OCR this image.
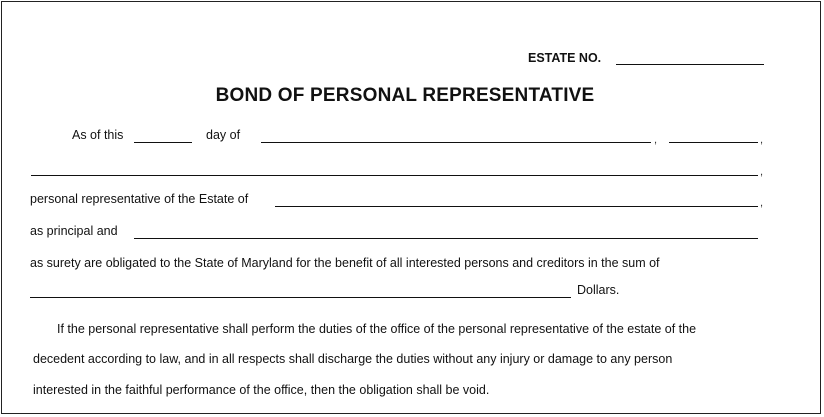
ESTATE NO.
BOND OF PERSONAL REPRESENTATIVE
As of this	day of	,	,
,
personal representative of the Estate of	,
as principal and
as surety are obligated to the State of Maryland for the benefit of all interested persons and creditors in the sum of
Dollars.
If the personal representative shall perform the duties of the office of the personal representative of the estate of the
decedent according to law, and in all respects shall discharge the duties without any injury or damage to any person
interested in the faithful performance of the office, then the obligation shall be void.
